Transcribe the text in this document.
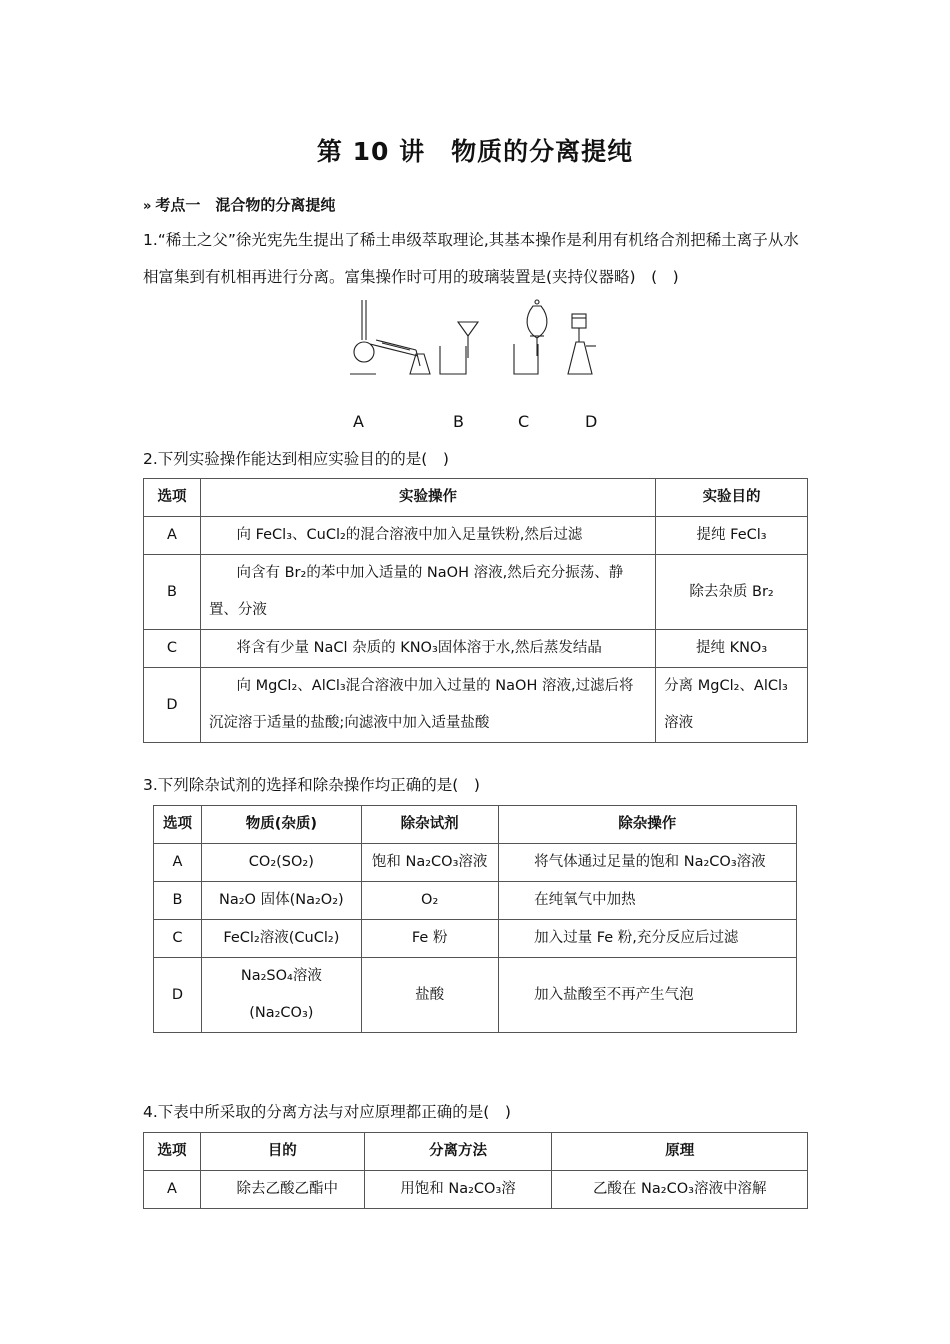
第 10 讲　物质的分离提纯
» 考点一　混合物的分离提纯
1.“稀土之父”徐光宪先生提出了稀土串级萃取理论,其基本操作是利用有机络合剂把稀土离子从水相富集到有机相再进行分离。富集操作时可用的玻璃装置是(夹持仪器略)　(　)
A	B	C	D
2.下列实验操作能达到相应实验目的的是(　)
选项	实验操作	实验目的
A	向 FeCl₃、CuCl₂的混合溶液中加入足量铁粉,然后过滤	提纯 FeCl₃
B	向含有 Br₂的苯中加入适量的 NaOH 溶液,然后充分振荡、静置、分液	除去杂质 Br₂
C	将含有少量 NaCl 杂质的 KNO₃固体溶于水,然后蒸发结晶	提纯 KNO₃
D	向 MgCl₂、AlCl₃混合溶液中加入过量的 NaOH 溶液,过滤后将沉淀溶于适量的盐酸;向滤液中加入适量盐酸	分离 MgCl₂、AlCl₃溶液
3.下列除杂试剂的选择和除杂操作均正确的是(　)
选项	物质(杂质)	除杂试剂	除杂操作
A	CO₂(SO₂)	饱和 Na₂CO₃溶液	将气体通过足量的饱和 Na₂CO₃溶液
B	Na₂O 固体(Na₂O₂)	O₂	在纯氧气中加热
C	FeCl₂溶液(CuCl₂)	Fe 粉	加入过量 Fe 粉,充分反应后过滤
D	Na₂SO₄溶液(Na₂CO₃)	盐酸	加入盐酸至不再产生气泡
4.下表中所采取的分离方法与对应原理都正确的是(　)
选项	目的	分离方法	原理
A	除去乙酸乙酯中	用饱和 Na₂CO₃溶	乙酸在 Na₂CO₃溶液中溶解
